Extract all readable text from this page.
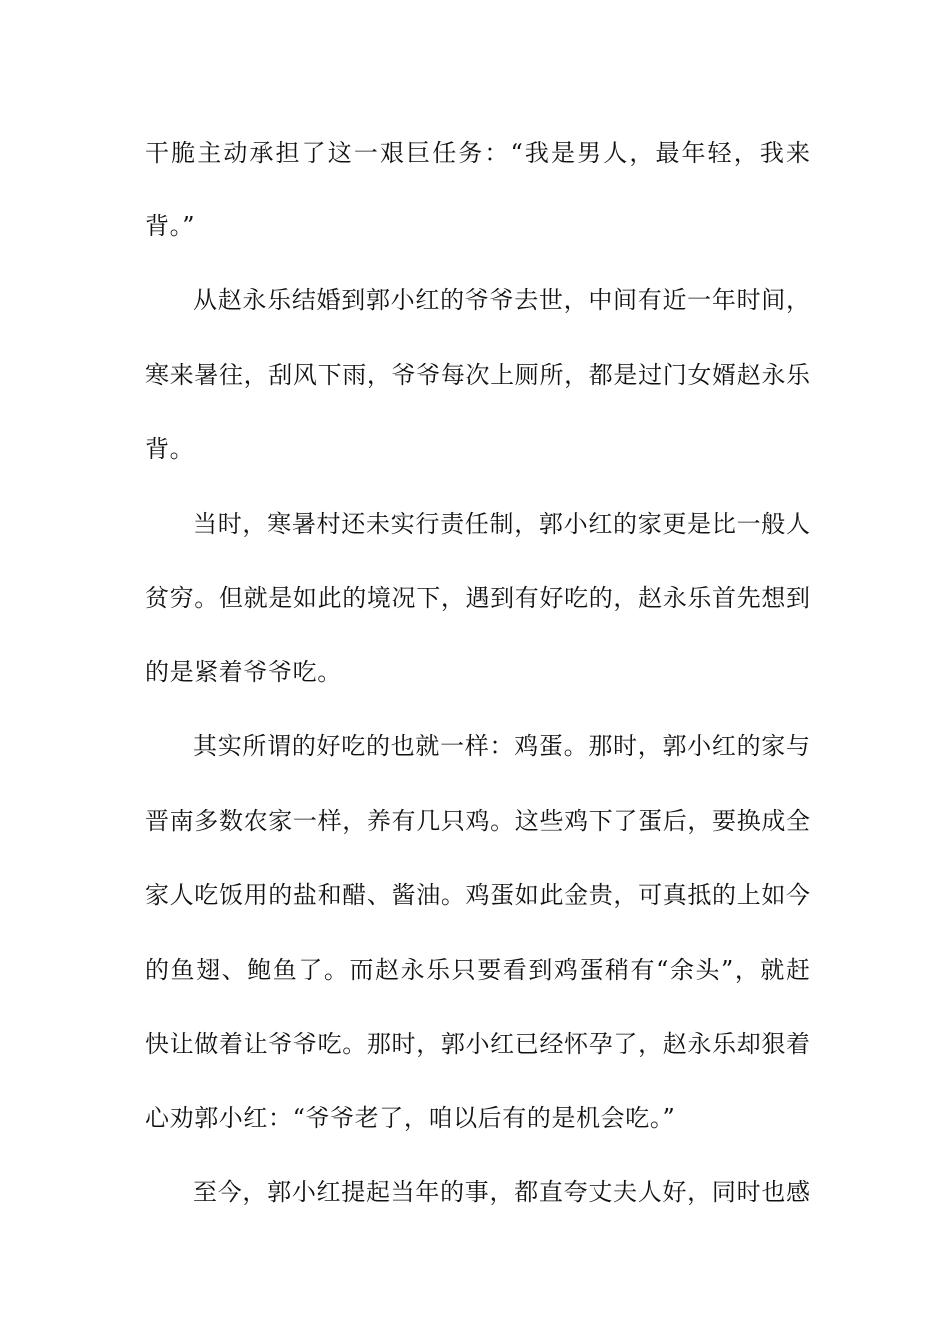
干脆主动承担了这一艰巨任务：“我是男人，最年轻，我来
背。”
从赵永乐结婚到郭小红的爷爷去世，中间有近一年时间，
寒来暑往，刮风下雨，爷爷每次上厕所，都是过门女婿赵永乐
背。
当时，寒暑村还未实行责任制，郭小红的家更是比一般人
贫穷。但就是如此的境况下，遇到有好吃的，赵永乐首先想到
的是紧着爷爷吃。
其实所谓的好吃的也就一样：鸡蛋。那时，郭小红的家与
晋南多数农家一样，养有几只鸡。这些鸡下了蛋后，要换成全
家人吃饭用的盐和醋、酱油。鸡蛋如此金贵，可真抵的上如今
的鱼翅、鲍鱼了。而赵永乐只要看到鸡蛋稍有“余头”，就赶
快让做着让爷爷吃。那时，郭小红已经怀孕了，赵永乐却狠着
心劝郭小红：“爷爷老了，咱以后有的是机会吃。”
至今，郭小红提起当年的事，都直夸丈夫人好，同时也感
